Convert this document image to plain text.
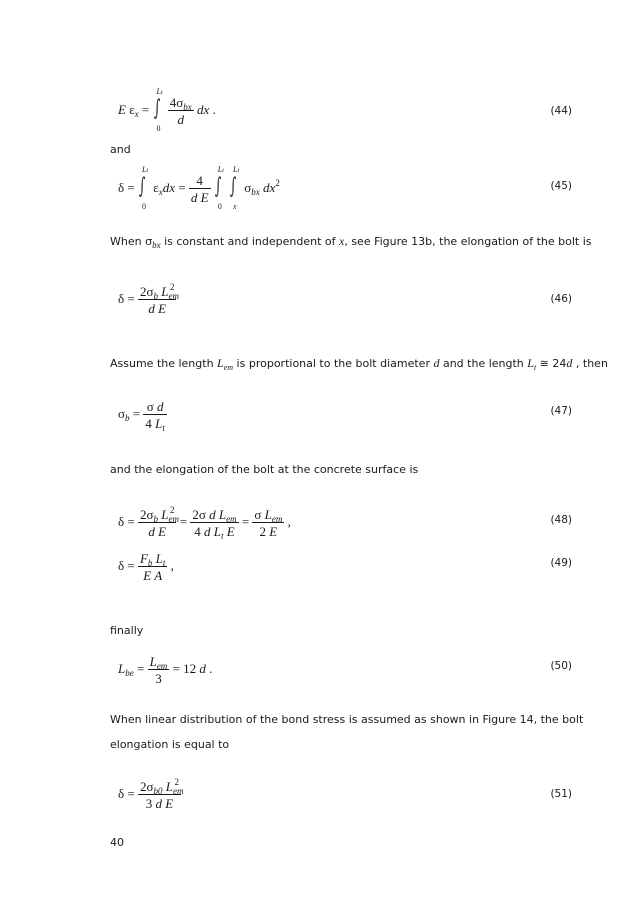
E $\varepsilon_x$ = ∫
Lt
0

$\frac{4\sigma_{bx}}{d}$ dx .	(44)
and
δ = ∫
Lt
0
$\varepsilon_xdx = \frac{4}{\text{d E}}$
∫
Lt
0

∫
Lt
x
$\sigma_{bx}$ $dx^2$	(45)
When $\sigma_{bx}$ is constant and independent of x, see Figure 13b, the elongation of the bolt is
$\delta = \frac{2\sigma_b L_{em}^2}{\text{d E}}$	(46)
Assume the length $L_{em}$ is proportional to the bolt diameter d and the length $L_t$ ≅ 24d , then
$\sigma_b = \frac{\text{σ d}}{4 L_t}$	(47)
and the elongation of the bolt at the concrete surface is
$\delta = \frac{2\sigma_b L_{em}^2}{\text{d E}} = \frac{2\sigma d L_{em}}{4 d L_t E} = \frac{\sigma L_{em}}{2 E}$ ,	(48)
$\delta = \frac{F_b L_t}{\text{E A}}$ ,	(49)
finally
$L_{be} = \frac{L_{em}}{3} = 12$ d .	(50)
When linear distribution of the bond stress is assumed as shown in Figure 14, the bolt
elongation is equal to
$\delta = \frac{2\sigma_{b0} L_{em}^2}{\text{3 d E}}$	(51)
40
